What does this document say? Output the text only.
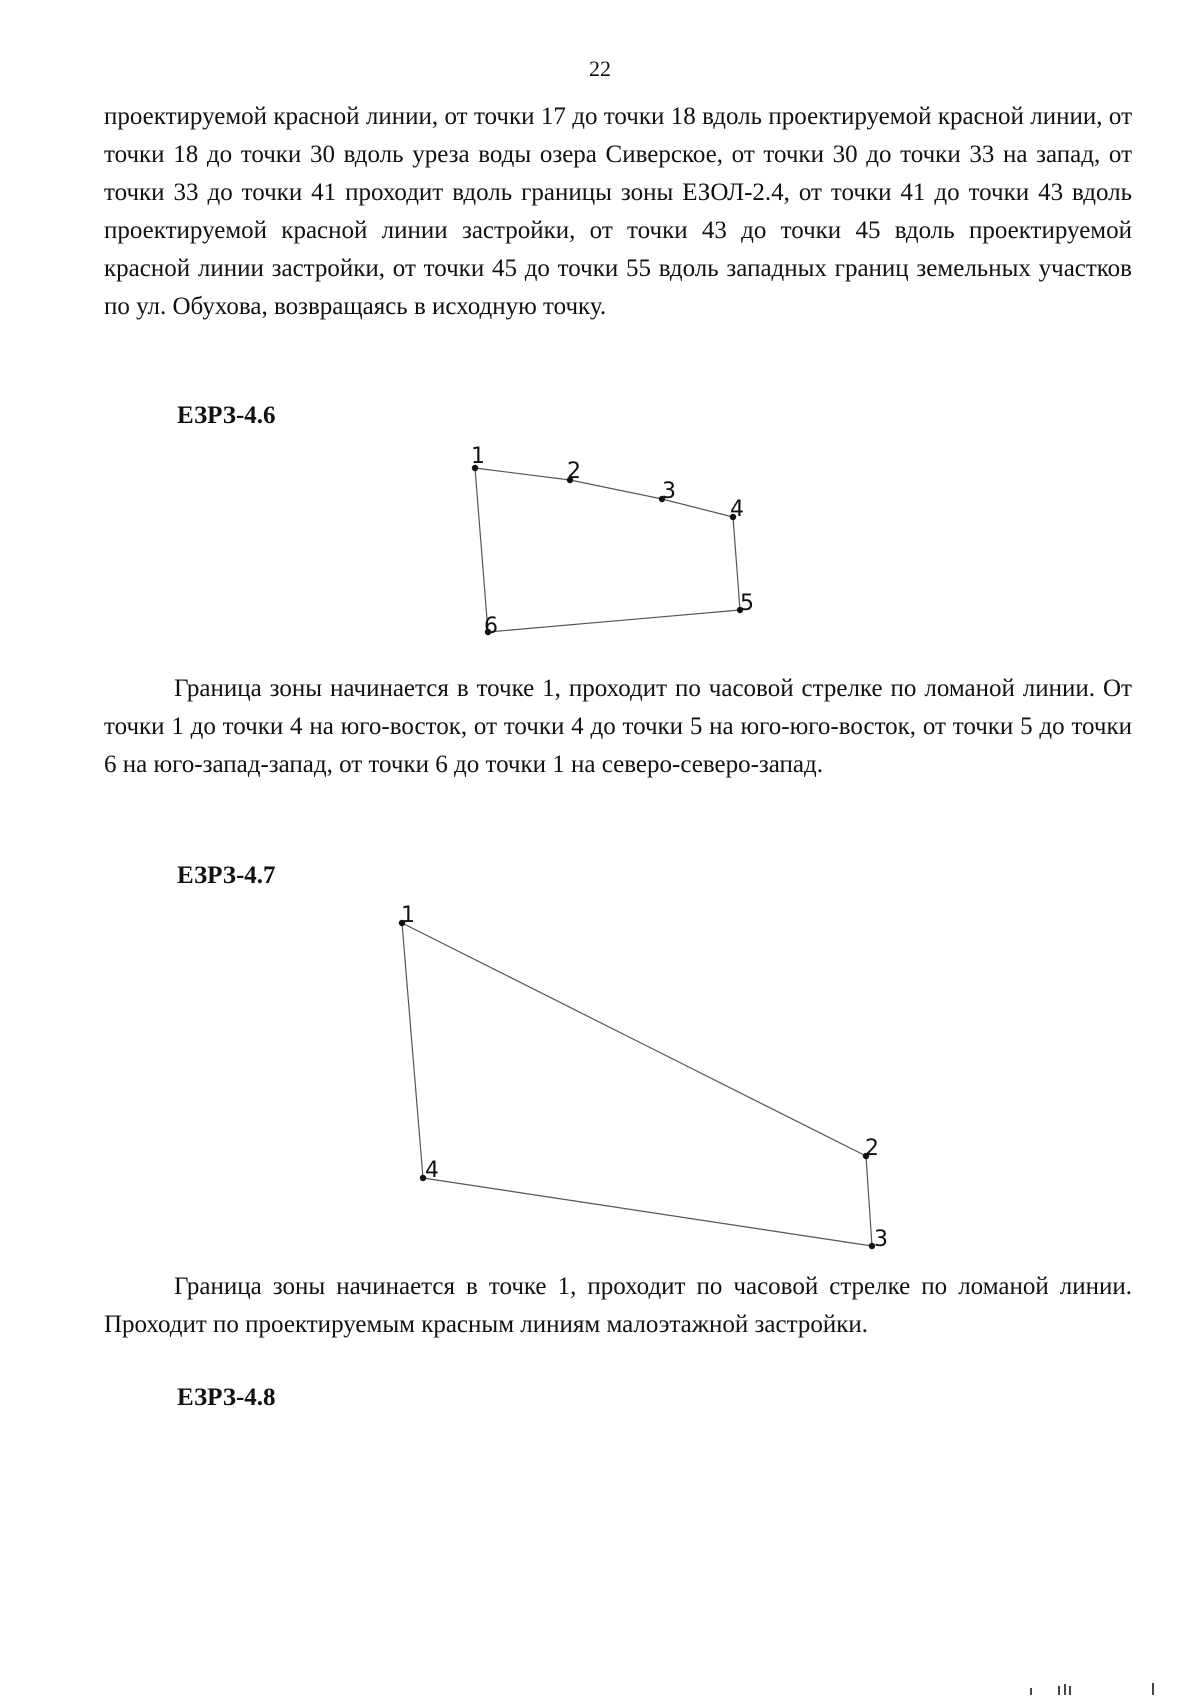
22

проектируемой красной линии, от точки 17 до точки 18 вдоль проектируемой красной линии, от точки 18 до точки 30 вдоль уреза воды озера Сиверское, от точки 30 до точки 33 на запад, от точки 33 до точки 41 проходит вдоль границы зоны ЕЗОЛ-2.4, от точки 41 до точки 43 вдоль проектируемой красной линии застройки, от точки 43 до точки 45 вдоль проектируемой красной линии застройки, от точки 45 до точки 55 вдоль западных границ земельных участков по ул. Обухова, возвращаясь в исходную точку.

ЕЗРЗ-4.6
1
2
3
4
5
6

Граница зоны начинается в точке 1, проходит по часовой стрелке по ломаной линии. От точки 1 до точки 4 на юго-восток, от точки 4 до точки 5 на юго-юго-восток, от точки 5 до точки 6 на юго-запад-запад, от точки 6 до точки 1 на северо-северо-запад.

ЕЗРЗ-4.7
1
2
3
4

Граница зоны начинается в точке 1, проходит по часовой стрелке по ломаной линии. Проходит по проектируемым красным линиям малоэтажной застройки.

ЕЗРЗ-4.8
